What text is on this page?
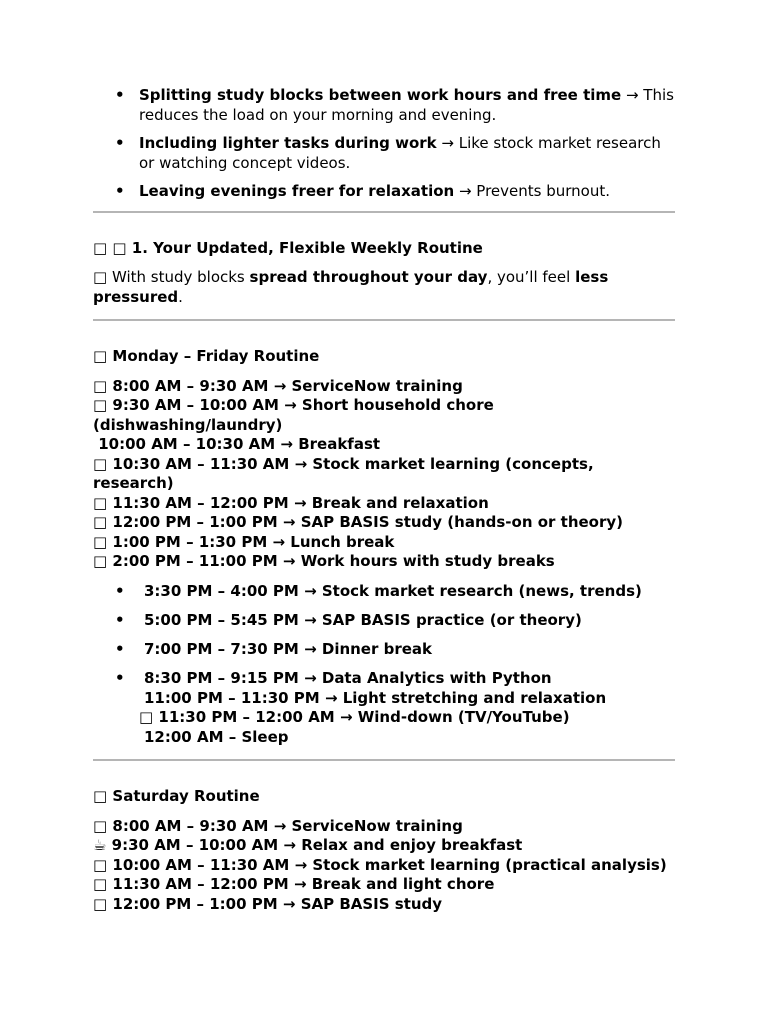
• Splitting study blocks between work hours and free time → This reduces the load on your morning and evening.
• Including lighter tasks during work → Like stock market research or watching concept videos.
• Leaving evenings freer for relaxation → Prevents burnout.

□ □ 1. Your Updated, Flexible Weekly Routine

□ With study blocks spread throughout your day, you’ll feel less pressured.

□ Monday – Friday Routine

□ 8:00 AM – 9:30 AM → ServiceNow training

□ 9:30 AM – 10:00 AM → Short household chore (dishwashing/laundry)

10:00 AM – 10:30 AM → Breakfast

□ 10:30 AM – 11:30 AM → Stock market learning (concepts, research)

□ 11:30 AM – 12:00 PM → Break and relaxation

□ 12:00 PM – 1:00 PM → SAP BASIS study (hands-on or theory)

□ 1:00 PM – 1:30 PM → Lunch break

□ 2:00 PM – 11:00 PM → Work hours with study breaks

• 3:30 PM – 4:00 PM → Stock market research (news, trends)
• 5:00 PM – 5:45 PM → SAP BASIS practice (or theory)
• 7:00 PM – 7:30 PM → Dinner break
• 8:30 PM – 9:15 PM → Data Analytics with Python
11:00 PM – 11:30 PM → Light stretching and relaxation
□ 11:30 PM – 12:00 AM → Wind-down (TV/YouTube)
12:00 AM – Sleep

□ Saturday Routine

□ 8:00 AM – 9:30 AM → ServiceNow training

☕ 9:30 AM – 10:00 AM → Relax and enjoy breakfast

□ 10:00 AM – 11:30 AM → Stock market learning (practical analysis)

□ 11:30 AM – 12:00 PM → Break and light chore

□ 12:00 PM – 1:00 PM → SAP BASIS study
